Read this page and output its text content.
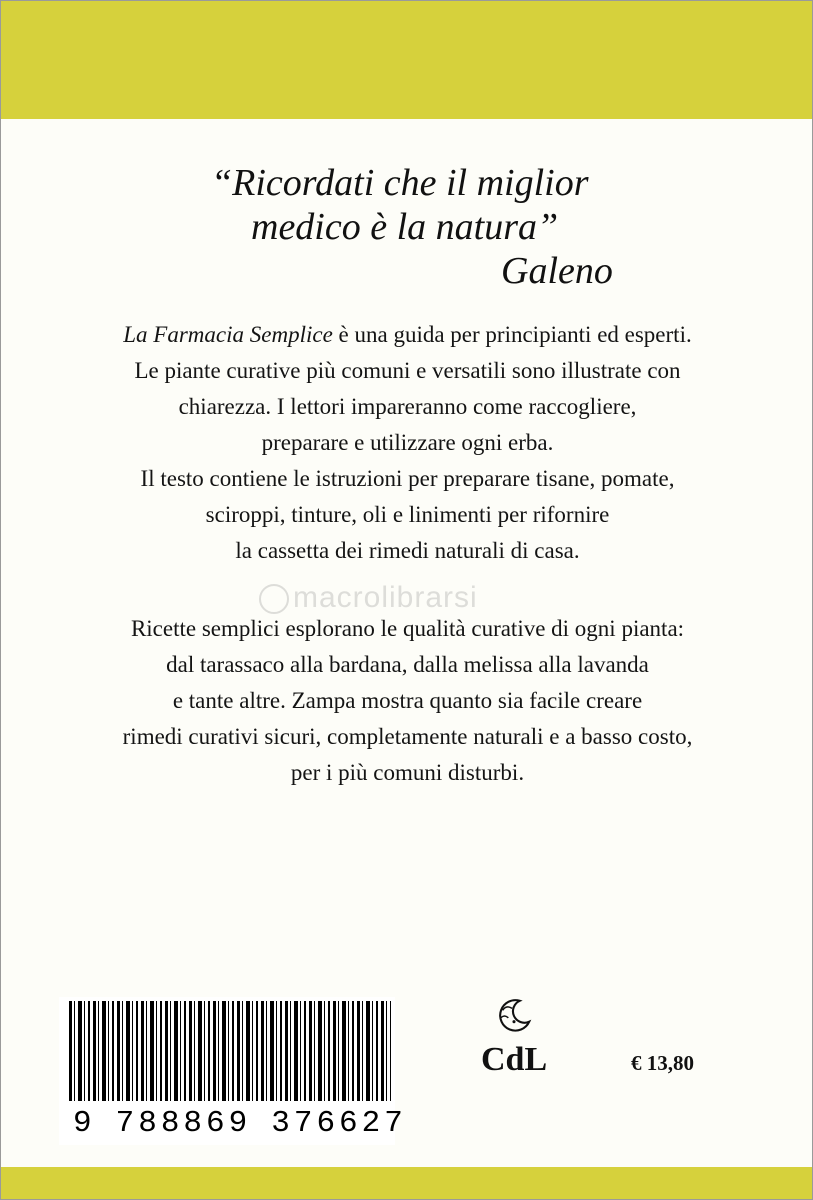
“Ricordati che il miglior
medico è la natura”
Galeno

La Farmacia Semplice è una guida per principianti ed esperti.

Le piante curative più comuni e versatili sono illustrate con

chiarezza. I lettori impareranno come raccogliere,

preparare e utilizzare ogni erba.

Il testo contiene le istruzioni per preparare tisane, pomate,

sciroppi, tinture, oli e linimenti per rifornire

la cassetta dei rimedi naturali di casa.

macrolibrarsi

Ricette semplici esplorano le qualità curative di ogni pianta:

dal tarassaco alla bardana, dalla melissa alla lavanda

e tante altre. Zampa mostra quanto sia facile creare

rimedi curativi sicuri, completamente naturali e a basso costo,

per i più comuni disturbi.

9 788869 376627
CdL	€ 13,80
